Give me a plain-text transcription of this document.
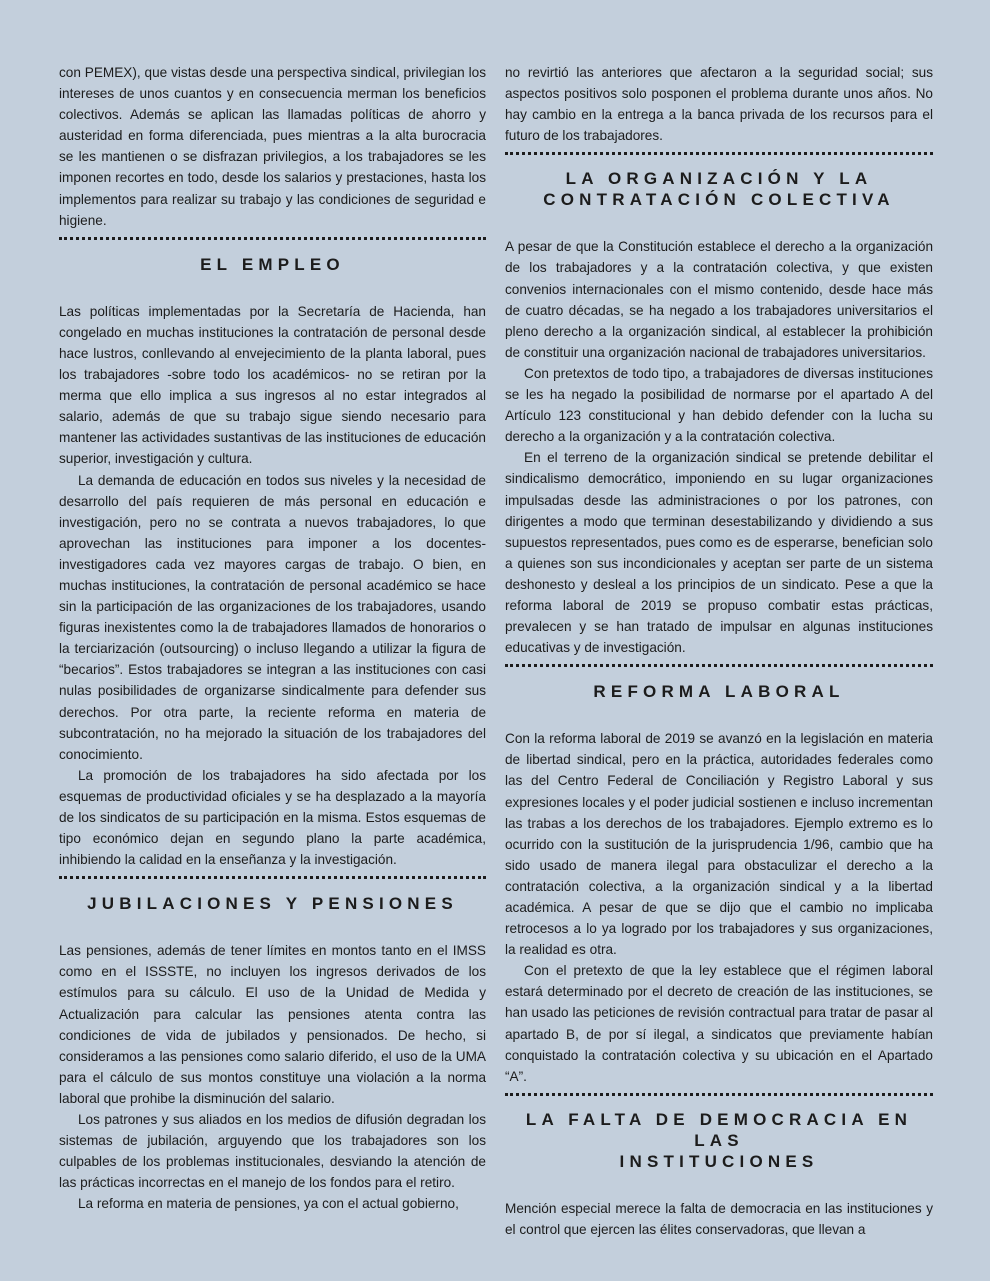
con PEMEX), que vistas desde una perspectiva sindical, privilegian los intereses de unos cuantos y en consecuencia merman los beneficios colectivos. Además se aplican las llamadas políticas de ahorro y austeridad en forma diferenciada, pues mientras a la alta burocracia se les mantienen o se disfrazan privilegios, a los trabajadores se les imponen recortes en todo, desde los salarios y prestaciones, hasta los implementos para realizar su trabajo y las condiciones de seguridad e higiene.

EL EMPLEO

Las políticas implementadas por la Secretaría de Hacienda, han congelado en muchas instituciones la contratación de personal desde hace lustros, conllevando al envejecimiento de la planta laboral, pues los trabajadores -sobre todo los académicos- no se retiran por la merma que ello implica a sus ingresos al no estar integrados al salario, además de que su trabajo sigue siendo necesario para mantener las actividades sustantivas de las instituciones de educación superior, investigación y cultura.

La demanda de educación en todos sus niveles y la necesidad de desarrollo del país requieren de más personal en educación e investigación, pero no se contrata a nuevos trabajadores, lo que aprovechan las instituciones para imponer a los docentes-investigadores cada vez mayores cargas de trabajo. O bien, en muchas instituciones, la contratación de personal académico se hace sin la participación de las organizaciones de los trabajadores, usando figuras inexistentes como la de trabajadores llamados de honorarios o la terciarización (outsourcing) o incluso llegando a utilizar la figura de “becarios”. Estos trabajadores se integran a las instituciones con casi nulas posibilidades de organizarse sindicalmente para defender sus derechos. Por otra parte, la reciente reforma en materia de subcontratación, no ha mejorado la situación de los trabajadores del conocimiento.

La promoción de los trabajadores ha sido afectada por los esquemas de productividad oficiales y se ha desplazado a la mayoría de los sindicatos de su participación en la misma. Estos esquemas de tipo económico dejan en segundo plano la parte académica, inhibiendo la calidad en la enseñanza y la investigación.

JUBILACIONES Y PENSIONES

Las pensiones, además de tener límites en montos tanto en el IMSS como en el ISSSTE, no incluyen los ingresos derivados de los estímulos para su cálculo. El uso de la Unidad de Medida y Actualización para calcular las pensiones atenta contra las condiciones de vida de jubilados y pensionados. De hecho, si consideramos a las pensiones como salario diferido, el uso de la UMA para el cálculo de sus montos constituye una violación a la norma laboral que prohibe la disminución del salario.

Los patrones y sus aliados en los medios de difusión degradan los sistemas de jubilación, arguyendo que los trabajadores son los culpables de los problemas institucionales, desviando la atención de las prácticas incorrectas en el manejo de los fondos para el retiro.

La reforma en materia de pensiones, ya con el actual gobierno,

no revirtió las anteriores que afectaron a la seguridad social; sus aspectos positivos solo posponen el problema durante unos años. No hay cambio en la entrega a la banca privada de los recursos para el futuro de los trabajadores.

LA ORGANIZACIÓN Y LA
CONTRATACIÓN COLECTIVA

A pesar de que la Constitución establece el derecho a la organización de los trabajadores y a la contratación colectiva, y que existen convenios internacionales con el mismo contenido, desde hace más de cuatro décadas, se ha negado a los trabajadores universitarios el pleno derecho a la organización sindical, al establecer la prohibición de constituir una organización nacional de trabajadores universitarios.

Con pretextos de todo tipo, a trabajadores de diversas instituciones se les ha negado la posibilidad de normarse por el apartado A del Artículo 123 constitucional y han debido defender con la lucha su derecho a la organización y a la contratación colectiva.

En el terreno de la organización sindical se pretende debilitar el sindicalismo democrático, imponiendo en su lugar organizaciones impulsadas desde las administraciones o por los patrones, con dirigentes a modo que terminan desestabilizando y dividiendo a sus supuestos representados, pues como es de esperarse, benefician solo a quienes son sus incondicionales y aceptan ser parte de un sistema deshonesto y desleal a los principios de un sindicato. Pese a que la reforma laboral de 2019 se propuso combatir estas prácticas, prevalecen y se han tratado de impulsar en algunas instituciones educativas y de investigación.

REFORMA LABORAL

Con la reforma laboral de 2019 se avanzó en la legislación en materia de libertad sindical, pero en la práctica, autoridades federales como las del Centro Federal de Conciliación y Registro Laboral y sus expresiones locales y el poder judicial sostienen e incluso incrementan las trabas a los derechos de los trabajadores. Ejemplo extremo es lo ocurrido con la sustitución de la jurisprudencia 1/96, cambio que ha sido usado de manera ilegal para obstaculizar el derecho a la contratación colectiva, a la organización sindical y a la libertad académica. A pesar de que se dijo que el cambio no implicaba retrocesos a lo ya logrado por los trabajadores y sus organizaciones, la realidad es otra.

Con el pretexto de que la ley establece que el régimen laboral estará determinado por el decreto de creación de las instituciones, se han usado las peticiones de revisión contractual para tratar de pasar al apartado B, de por sí ilegal, a sindicatos que previamente habían conquistado la contratación colectiva y su ubicación en el Apartado “A”.

LA FALTA DE DEMOCRACIA EN LAS
INSTITUCIONES

Mención especial merece la falta de democracia en las instituciones y el control que ejercen las élites conservadoras, que llevan a
